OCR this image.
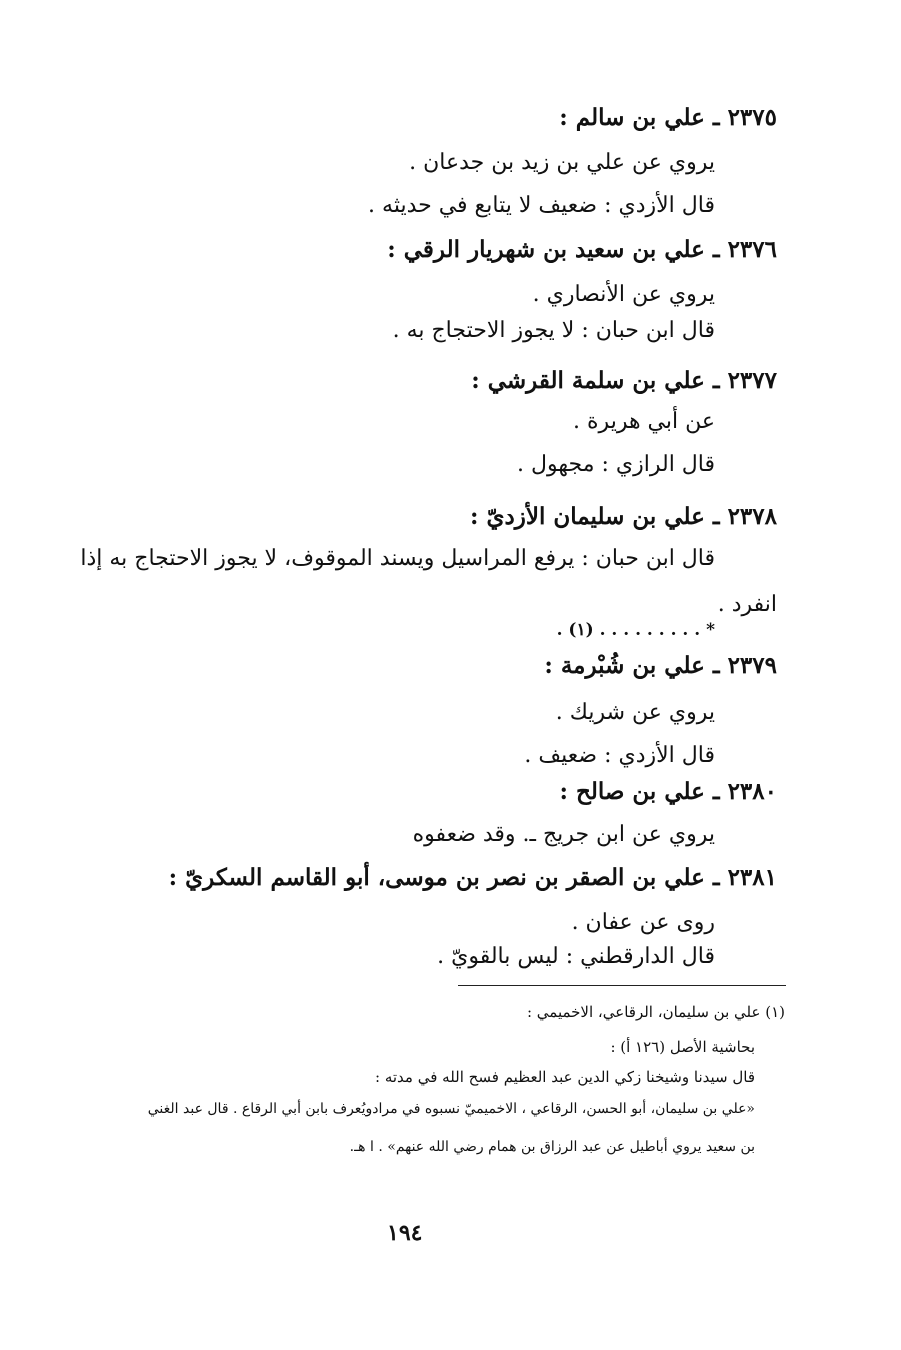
٢٣٧٥ ـ علي بن سالم :
يروي عن علي بن زيد بن جدعان .
قال الأزدي : ضعيف لا يتابع في حديثه .
٢٣٧٦ ـ علي بن سعيد بن شهريار الرقي :
يروي عن الأنصاري .
قال ابن حبان : لا يجوز الاحتجاج به .
٢٣٧٧ ـ علي بن سلمة القرشي :
عن أبي هريرة .
قال الرازي : مجهول .
٢٣٧٨ ـ علي بن سليمان الأزديّ :
قال ابن حبان : يرفع المراسيل ويسند الموقوف، لا يجوز الاحتجاج به إذا
انفرد .
* . . . . . . . . . (١) .
٢٣٧٩ ـ علي بن شُبْرمة :
يروي عن شريك .
قال الأزدي : ضعيف .
٢٣٨٠ ـ علي بن صالح :
يروي عن ابن جريج ـ. وقد ضعفوه
٢٣٨١ ـ علي بن الصقر بن نصر بن موسى، أبو القاسم السكريّ :
روى عن عفان .
قال الدارقطني : ليس بالقويّ .
(١) علي بن سليمان، الرقاعي، الاخميمي :
بحاشية الأصل (١٢٦ أ) :
قال سيدنا وشيخنا زكي الدين عبد العظيم فسح الله في مدته :
«علي بن سليمان، أبو الحسن، الرقاعي ، الاخميميّ نسبوه في مرادويُعرف بابن أبي الرقاع . قال عبد الغني
بن سعيد يروي أباطيل عن عبد الرزاق بن همام رضي الله عنهم» . ا هـ.
١٩٤
